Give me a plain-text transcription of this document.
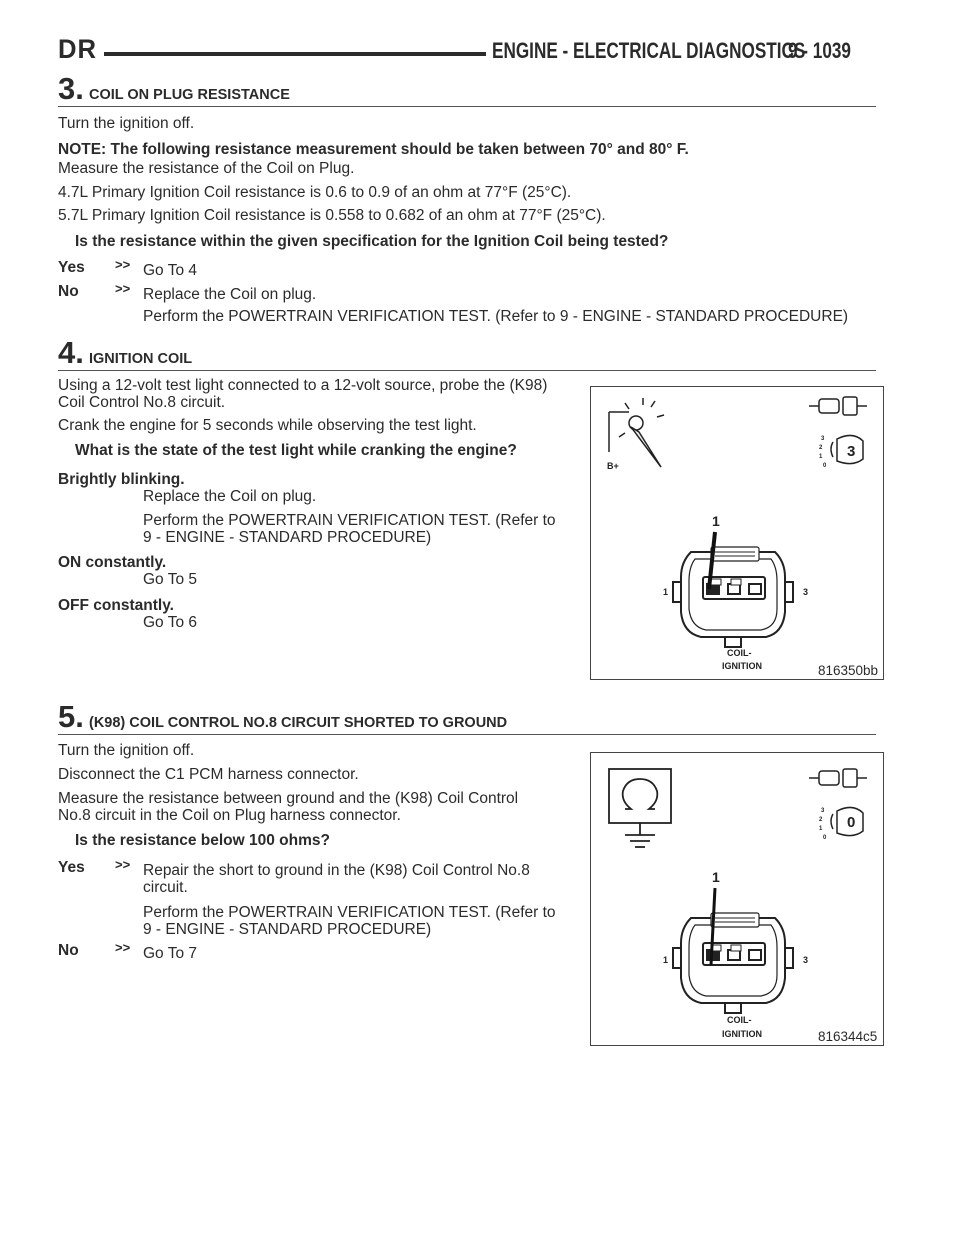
DR	ENGINE - ELECTRICAL DIAGNOSTICS
9 - 1039
3. COIL ON PLUG RESISTANCE
Turn the ignition off.
NOTE: The following resistance measurement should be taken between 70° and 80° F.
Measure the resistance of the Coil on Plug.
4.7L Primary Ignition Coil resistance is 0.6 to 0.9 of an ohm at 77°F (25°C).
5.7L Primary Ignition Coil resistance is 0.558 to 0.682 of an ohm at 77°F (25°C).
Is the resistance within the given specification for the Ignition Coil being tested?
Yes >> Go To 4
No	>> Replace the Coil on plug.
Perform the POWERTRAIN VERIFICATION TEST. (Refer to 9 - ENGINE - STANDARD PROCEDURE)
4. IGNITION COIL
Using a 12-volt test light connected to a 12-volt source, probe the (K98)
Coil Control No.8 circuit.
Crank the engine for 5 seconds while observing the test light.
What is the state of the test light while cranking the engine?
Brightly blinking.
Replace the Coil on plug.
Perform the POWERTRAIN VERIFICATION TEST. (Refer to
9 - ENGINE - STANDARD PROCEDURE)
ON constantly.
Go To 5
OFF constantly.
Go To 6
B+
1
1	3
COIL-
IGNITION
3
3
2
1
0
816350bb
5. (K98) COIL CONTROL NO.8 CIRCUIT SHORTED TO GROUND
Turn the ignition off.
Disconnect the C1 PCM harness connector.
Measure the resistance between ground and the (K98) Coil Control
No.8 circuit in the Coil on Plug harness connector.
Is the resistance below 100 ohms?
Yes >> Repair the short to ground in the (K98) Coil Control No.8
circuit.
Perform the POWERTRAIN VERIFICATION TEST. (Refer to
9 - ENGINE - STANDARD PROCEDURE)
No	>> Go To 7
1
1	3
COIL-
IGNITION
0
3
2
1
0
816344c5
